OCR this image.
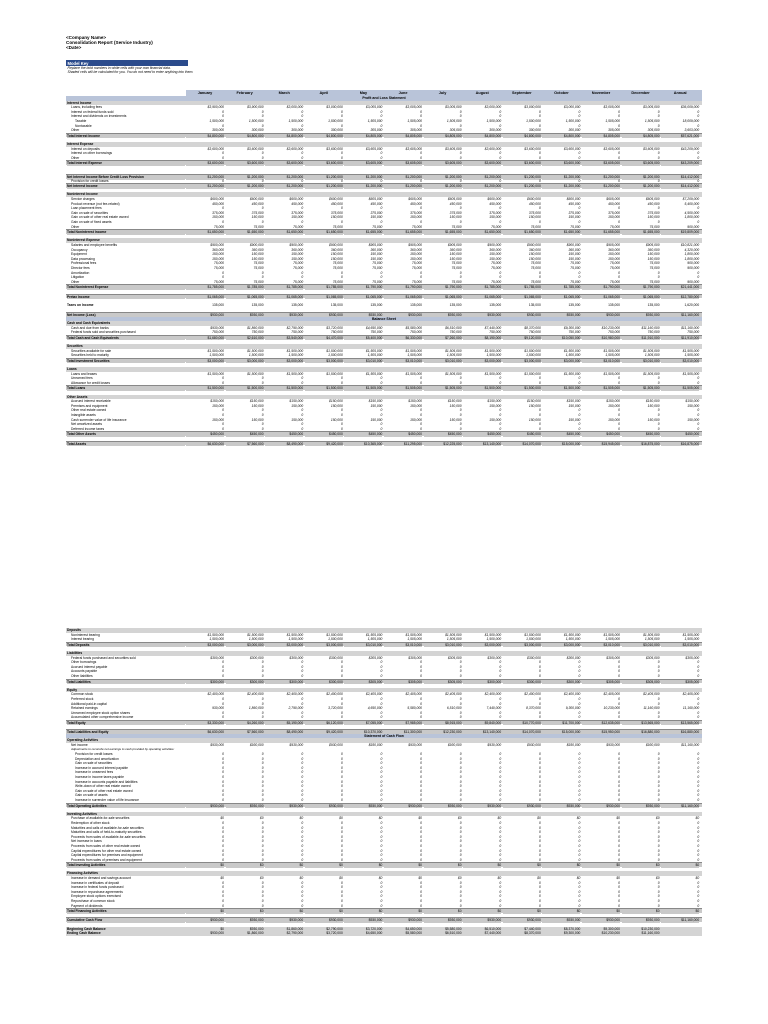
<Company Name>
Consolidation Report (Service Industry)
<Date>
Model Key
Replace the bold numbers in white cells with your own financial data.
Shaded cells will be calculated for you. You do not need to enter anything into them.
January	February	March	April	May	June	July	August	September	October	November	December	Annual
Profit and Loss Statement
Interest Income
Loans, including fees	$3,900,000	$3,900,000	$3,000,000	$3,000,000	$3,005,000	$3,005,000	$3,005,000	$3,000,000	$3,000,000	$3,000,000	$3,005,000	$3,005,000	$36,009,000
Interest on federal funds sold	0	0	0	0	0	0	0	0	0	0	0	0	0
Interest and dividends on investments	0	0	0	0	0	0	0	0	0	0	0	0	0
Taxable	1,500,000	1,500,000	1,500,000	1,500,000	1,505,000	1,505,000	1,505,000	1,500,000	1,500,000	1,500,000	1,505,000	1,505,000	18,009,000
Nontaxable	0	0	0	0	0	0	0	0	0	0	0	0	0
Other	300,000	300,000	300,000	300,000	305,000	305,000	305,000	300,000	300,000	300,000	305,000	305,000	3,603,000
Total Interest Income	$4,800,000	$4,800,000	$4,800,000	$4,800,000	$4,805,000	$4,805,000	$4,805,000	$4,800,000	$4,800,000	$4,800,000	$4,805,000	$4,805,000	$57,621,000
Interest Expense
Interest on deposits	$3,600,000	$3,600,000	$3,600,000	$3,600,000	$3,605,000	$3,605,000	$3,605,000	$3,600,000	$3,600,000	$3,600,000	$3,605,000	$3,605,000	$43,209,000
Interest on other borrowings	0	0	0	0	0	0	0	0	0	0	0	0	0
Other	0	0	0	0	0	0	0	0	0	0	0	0	0
Total Interest Expense	$3,600,000	$3,600,000	$3,600,000	$3,600,000	$3,605,000	$3,605,000	$3,605,000	$3,600,000	$3,600,000	$3,600,000	$3,605,000	$3,605,000	$43,209,000
Net Interest Income Before Credit Loss Provision	$1,200,000	$1,200,000	$1,200,000	$1,200,000	$1,200,000	$1,200,000	$1,200,000	$1,200,000	$1,200,000	$1,200,000	$1,200,000	$1,200,000	$14,412,000
Provision for credit losses	0	0	0	0	0	0	0	0	0	0	0	0	0
Net Interest Income	$1,200,000	$1,200,000	$1,200,000	$1,200,000	$1,200,000	$1,200,000	$1,200,000	$1,200,000	$1,200,000	$1,200,000	$1,200,000	$1,200,000	$14,412,000
Noninterest Income
Service charges	$600,000	$600,000	$600,000	$600,000	$605,000	$605,000	$605,000	$600,000	$600,000	$600,000	$605,000	$605,000	$7,209,000
Product revenue (not fee-related)	450,000	450,000	450,000	450,000	450,000	450,000	450,000	450,000	450,000	450,000	450,000	450,000	5,400,000
Loan placement fees	0	0	0	0	0	0	0	0	0	0	0	0	0
Gain on sale of securities	375,000	375,000	375,000	375,000	375,000	375,000	375,000	375,000	375,000	375,000	375,000	375,000	4,500,000
Gain on sale of other real estate owned	150,000	150,000	150,000	150,000	150,000	150,000	150,000	150,000	150,000	150,000	150,000	150,000	1,800,000
Gain on sale of fixed assets	0	0	0	0	0	0	0	0	0	0	0	0	0
Other	75,000	75,000	75,000	75,000	75,000	75,000	75,000	75,000	75,000	75,000	75,000	75,000	900,000
Total Noninterest Income	$1,650,000	$1,650,000	$1,650,000	$1,650,000	$1,655,000	$1,655,000	$1,655,000	$1,650,000	$1,650,000	$1,650,000	$1,655,000	$1,655,000	$19,809,000
Noninterest Expense
Salaries and employee benefits	$900,000	$900,000	$900,000	$900,000	$905,000	$905,000	$905,000	$900,000	$900,000	$900,000	$905,000	$905,000	$10,821,000
Occupancy	360,000	360,000	360,000	360,000	360,000	360,000	360,000	360,000	360,000	360,000	360,000	360,000	4,320,000
Equipment	150,000	150,000	150,000	150,000	150,000	150,000	150,000	150,000	150,000	150,000	150,000	150,000	1,800,000
Data processing	150,000	150,000	150,000	150,000	150,000	150,000	150,000	150,000	150,000	150,000	150,000	150,000	1,800,000
Professional fees	75,000	75,000	75,000	75,000	75,000	75,000	75,000	75,000	75,000	75,000	75,000	75,000	900,000
Director fees	75,000	75,000	75,000	75,000	75,000	75,000	75,000	75,000	75,000	75,000	75,000	75,000	900,000
Amortization	0	0	0	0	0	0	0	0	0	0	0	0	0
Litigation	0	0	0	0	0	0	0	0	0	0	0	0	0
Other	75,000	75,000	75,000	75,000	75,000	75,000	75,000	75,000	75,000	75,000	75,000	75,000	900,000
Total Noninterest Expense	$1,785,000	$1,785,000	$1,785,000	$1,785,000	$1,790,000	$1,790,000	$1,790,000	$1,785,000	$1,785,000	$1,785,000	$1,790,000	$1,790,000	$21,441,000
Pretax Income	$1,065,000	$1,065,000	$1,065,000	$1,065,000	$1,065,000	$1,065,000	$1,065,000	$1,065,000	$1,065,000	$1,065,000	$1,065,000	$1,065,000	$12,780,000
Taxes on Income	135,000	135,000	135,000	135,000	135,000	135,000	135,000	135,000	135,000	135,000	135,000	135,000	1,620,000
Net Income (Loss)	$930,000	$930,000	$930,000	$930,000	$930,000	$930,000	$930,000	$930,000	$930,000	$930,000	$930,000	$930,000	$11,160,000
Balance Sheet
Cash and Cash Equivalents
Cash and due from banks	$930,000	$1,860,000	$2,790,000	$3,720,000	$4,650,000	$5,580,000	$6,510,000	$7,440,000	$8,370,000	$9,300,000	$10,230,000	$11,160,000	$11,160,000
Federal funds sold and securities purchased	750,000	750,000	750,000	750,000	750,000	750,000	750,000	750,000	750,000	750,000	750,000	750,000	750,000
Total Cash and Cash Equivalents	$1,680,000	$2,610,000	$3,540,000	$4,470,000	$5,400,000	$6,330,000	$7,260,000	$8,190,000	$9,120,000	$10,050,000	$10,980,000	$11,910,000	$11,910,000
Securities
Securities available for sale	$1,500,000	$1,500,000	$1,500,000	$1,500,000	$1,505,000	$1,505,000	$1,505,000	$1,500,000	$1,500,000	$1,500,000	$1,505,000	$1,505,000	$1,505,000
Securities held to maturity	1,500,000	1,500,000	1,500,000	1,500,000	1,505,000	1,505,000	1,505,000	1,500,000	1,500,000	1,500,000	1,505,000	1,505,000	1,505,000
Total Investment Securities	$3,000,000	$3,000,000	$3,000,000	$3,000,000	$3,010,000	$3,010,000	$3,010,000	$3,000,000	$3,000,000	$3,000,000	$3,010,000	$3,010,000	$3,010,000
Loans
Loans and leases	$1,500,000	$1,500,000	$1,500,000	$1,500,000	$1,505,000	$1,505,000	$1,505,000	$1,500,000	$1,500,000	$1,500,000	$1,505,000	$1,505,000	$1,505,000
Unearned fees	0	0	0	0	0	0	0	0	0	0	0	0	0
Allowance for credit losses	0	0	0	0	0	0	0	0	0	0	0	0	0
Total Loans	$1,500,000	$1,500,000	$1,500,000	$1,500,000	$1,505,000	$1,505,000	$1,505,000	$1,500,000	$1,500,000	$1,500,000	$1,505,000	$1,505,000	$1,505,000
Other Assets
Accrued interest receivable	$150,000	$150,000	$150,000	$150,000	$150,000	$150,000	$150,000	$150,000	$150,000	$150,000	$150,000	$150,000	$150,000
Premises and equipment	150,000	150,000	150,000	150,000	150,000	150,000	150,000	150,000	150,000	150,000	150,000	150,000	150,000
Other real estate owned	0	0	0	0	0	0	0	0	0	0	0	0	0
Intangible assets	0	0	0	0	0	0	0	0	0	0	0	0	0
Cash surrender value of life insurance	150,000	150,000	150,000	150,000	150,000	150,000	150,000	150,000	150,000	150,000	150,000	150,000	150,000
Net amortized assets	0	0	0	0	0	0	0	0	0	0	0	0	0
Deferred income taxes	0	0	0	0	0	0	0	0	0	0	0	0	0
Total Other Assets	$450,000	$450,000	$450,000	$450,000	$450,000	$450,000	$450,000	$450,000	$450,000	$450,000	$450,000	$450,000	$450,000
Total Assets	$6,630,000	$7,560,000	$8,490,000	$9,420,000	$10,365,000	$11,295,000	$12,225,000	$13,140,000	$14,070,000	$15,000,000	$15,945,000	$16,875,000	$16,875,000
Deposits
Noninterest bearing	$1,500,000	$1,500,000	$1,500,000	$1,500,000	$1,505,000	$1,505,000	$1,505,000	$1,500,000	$1,500,000	$1,500,000	$1,505,000	$1,505,000	$1,505,000
Interest bearing	1,500,000	1,500,000	1,500,000	1,500,000	1,505,000	1,505,000	1,505,000	1,500,000	1,500,000	1,500,000	1,505,000	1,505,000	1,505,000
Total Deposits	$3,000,000	$3,000,000	$3,000,000	$3,000,000	$3,010,000	$3,010,000	$3,010,000	$3,000,000	$3,000,000	$3,000,000	$3,010,000	$3,010,000	$3,010,000
Liabilities
Federal funds purchased and securities sold	$300,000	$300,000	$300,000	$300,000	$305,000	$305,000	$305,000	$300,000	$300,000	$300,000	$305,000	$305,000	$305,000
Other borrowings	0	0	0	0	0	0	0	0	0	0	0	0	0
Accrued interest payable	0	0	0	0	0	0	0	0	0	0	0	0	0
Accounts payable	0	0	0	0	0	0	0	0	0	0	0	0	0
Other liabilities	0	0	0	0	0	0	0	0	0	0	0	0	0
Total Liabilities	$300,000	$300,000	$300,000	$300,000	$305,000	$305,000	$305,000	$300,000	$300,000	$300,000	$305,000	$305,000	$305,000
Equity
Common stock	$2,400,000	$2,400,000	$2,400,000	$2,400,000	$2,405,000	$2,405,000	$2,405,000	$2,400,000	$2,400,000	$2,400,000	$2,405,000	$2,405,000	$2,405,000
Preferred stock	0	0	0	0	0	0	0	0	0	0	0	0	0
Additional paid-in capital	0	0	0	0	0	0	0	0	0	0	0	0	0
Retained earnings	930,000	1,860,000	2,790,000	3,720,000	4,650,000	5,580,000	6,510,000	7,440,000	8,370,000	9,300,000	10,230,000	11,160,000	11,160,000
Unearned employee stock option shares	0	0	0	0	0	0	0	0	0	0	0	0	0
Accumulated other comprehensive income	0	0	0	0	0	0	0	0	0	0	0	0	0
Total Equity	$3,330,000	$4,260,000	$5,190,000	$6,120,000	$7,055,000	$7,985,000	$8,915,000	$9,840,000	$10,770,000	$11,700,000	$12,635,000	$13,565,000	$13,565,000
Total Liabilities and Equity	$6,630,000	$7,560,000	$8,490,000	$9,420,000	$10,370,000	$11,300,000	$12,230,000	$13,140,000	$14,070,000	$15,000,000	$15,950,000	$16,880,000	$16,880,000
Statement of Cash Flow
Operating Activities
Net income	$930,000	$930,000	$930,000	$930,000	$930,000	$930,000	$930,000	$930,000	$930,000	$930,000	$930,000	$930,000	$11,160,000
Adjustments to reconcile net earnings to cash provided by operating activities:
Provision for credit losses	0	0	0	0	0	0	0	0	0	0	0	0	0
Depreciation and amortization	0	0	0	0	0	0	0	0	0	0	0	0	0
Gain on sale of securities	0	0	0	0	0	0	0	0	0	0	0	0	0
Increase in accrued interest payable	0	0	0	0	0	0	0	0	0	0	0	0	0
Increase in unearned fees	0	0	0	0	0	0	0	0	0	0	0	0	0
Increase in income taxes payable	0	0	0	0	0	0	0	0	0	0	0	0	0
Increase in accounts payable and liabilities	0	0	0	0	0	0	0	0	0	0	0	0	0
Write-down of other real estate owned	0	0	0	0	0	0	0	0	0	0	0	0	0
Gain on sale of other real estate owned	0	0	0	0	0	0	0	0	0	0	0	0	0
Gain on sale of assets	0	0	0	0	0	0	0	0	0	0	0	0	0
Increase in surrender value of life insurance	0	0	0	0	0	0	0	0	0	0	0	0	0
Total Operating Activities	$930,000	$930,000	$930,000	$930,000	$930,000	$930,000	$930,000	$930,000	$930,000	$930,000	$930,000	$930,000	$11,160,000
Investing Activities
Purchase of available-for-sale securities	$0	$0	$0	$0	$0	$0	$0	$0	$0	$0	$0	$0	$0
Redemption of other stock	0	0	0	0	0	0	0	0	0	0	0	0	0
Maturities and calls of available-for-sale securities	0	0	0	0	0	0	0	0	0	0	0	0	0
Maturities and calls of held-to-maturity securities	0	0	0	0	0	0	0	0	0	0	0	0	0
Proceeds from sales of available-for-sale securities	0	0	0	0	0	0	0	0	0	0	0	0	0
Net increase in loans	0	0	0	0	0	0	0	0	0	0	0	0	0
Proceeds from sales of other real estate owned	0	0	0	0	0	0	0	0	0	0	0	0	0
Capital expenditures for other real estate owned	0	0	0	0	0	0	0	0	0	0	0	0	0
Capital expenditures for premises and equipment	0	0	0	0	0	0	0	0	0	0	0	0	0
Proceeds from sales of premises and equipment	0	0	0	0	0	0	0	0	0	0	0	0	0
Total Investing Activities	$0	$0	$0	$0	$0	$0	$0	$0	$0	$0	$0	$0	$0
Financing Activities
Increase in demand and savings account	$0	$0	$0	$0	$0	$0	$0	$0	$0	$0	$0	$0	$0
Increase in certificates of deposit	0	0	0	0	0	0	0	0	0	0	0	0	0
Increase in federal funds purchased	0	0	0	0	0	0	0	0	0	0	0	0	0
Increase in repurchase agreements	0	0	0	0	0	0	0	0	0	0	0	0	0
Employee stock options exercised	0	0	0	0	0	0	0	0	0	0	0	0	0
Repurchase of common stock	0	0	0	0	0	0	0	0	0	0	0	0	0
Payment of dividends	0	0	0	0	0	0	0	0	0	0	0	0	0
Total Financing Activities	$0	$0	$0	$0	$0	$0	$0	$0	$0	$0	$0	$0	$0
Cumulative Cash Flow	$930,000	$930,000	$930,000	$930,000	$930,000	$930,000	$930,000	$930,000	$930,000	$930,000	$930,000	$930,000	$11,160,000
Beginning Cash Balance	$0	$930,000	$1,860,000	$2,790,000	$3,720,000	$4,650,000	$5,580,000	$6,510,000	$7,440,000	$8,370,000	$9,300,000	$10,230,000
Ending Cash Balance	$930,000	$1,860,000	$2,790,000	$3,720,000	$4,650,000	$5,580,000	$6,510,000	$7,440,000	$8,370,000	$9,300,000	$10,230,000	$11,160,000
